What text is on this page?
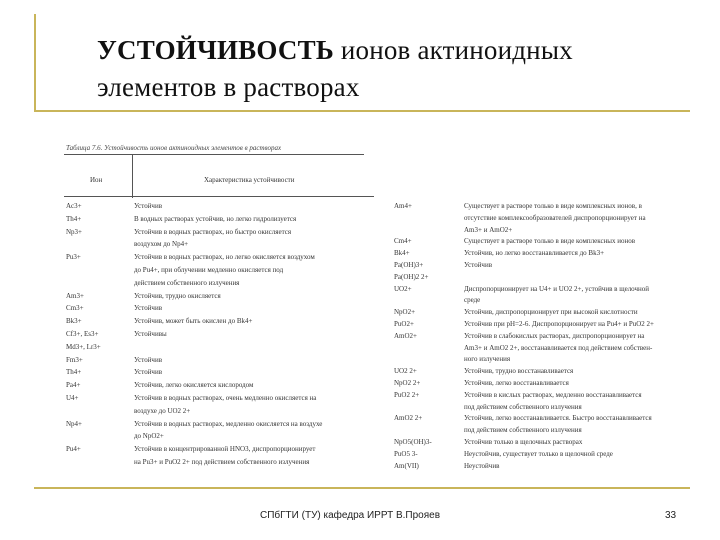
УСТОЙЧИВОСТЬ ионов актиноидных
элементов в растворах
Таблица 7.6. Устойчивость ионов актиноидных элементов в растворах
Ион	Характеристика устойчивости
Ac3+	Устойчив
Th4+	В водных растворах устойчив, но легко гидролизуется
Np3+	Устойчив в водных растворах, но быстро окисляется
воздухом до Np4+
Pu3+	Устойчив в водных растворах, но легко окисляется воздухом
до Pu4+, при облучении медленно окисляется под
действием собственного излучения
Am3+	Устойчив, трудно окисляется
Cm3+	Устойчив
Bk3+	Устойчив, может быть окислен до Bk4+
Cf3+, Es3+	Устойчивы
Md3+, Lr3+
Fm3+	Устойчив
Th4+	Устойчив
Pa4+	Устойчив, легко окисляется кислородом
U4+	Устойчив в водных растворах, очень медленно окисляется на
воздухе до UO2 2+
Np4+	Устойчив в водных растворах, медленно окисляется на воздухе
до NpO2+
Pu4+	Устойчив в концентрированной HNO3, диспропорционирует
на Pu3+ и PuO2 2+ под действием собственного излучения
Am4+	Существует в растворе только в виде комплексных ионов, в
отсутствие комплексообразователей диспропорционирует на
Am3+ и AmO2+
Cm4+	Существует в растворе только в виде комплексных ионов
Bk4+	Устойчив, но легко восстанавливается до Bk3+
Pa(OH)3+	Устойчив
Pa(OH)2 2+
UO2+	Диспропорционирует на U4+ и UO2 2+, устойчив в щелочной
среде
NpO2+	Устойчив, диспропорционирует при высокой кислотности
PuO2+	Устойчив при pH=2-6. Диспропорционирует на Pu4+ и PuO2 2+
AmO2+	Устойчив в слабокислых растворах, диспропорционирует на
Am3+ и AmO2 2+, восстанавливается под действием собствен-
ного излучения
UO2 2+	Устойчив, трудно восстанавливается
NpO2 2+	Устойчив, легко восстанавливается
PuO2 2+	Устойчив в кислых растворах, медленно восстанавливается
под действием собственного излучения
AmO2 2+	Устойчив, легко восстанавливается. Быстро восстанавливается
под действием собственного излучения
NpO5(OH)3-	Устойчив только в щелочных растворах
PuO5 3-	Неустойчив, существует только в щелочной среде
Am(VII)	Неустойчив
СПбГТИ (ТУ) кафедра ИРРТ В.Прояев	33
